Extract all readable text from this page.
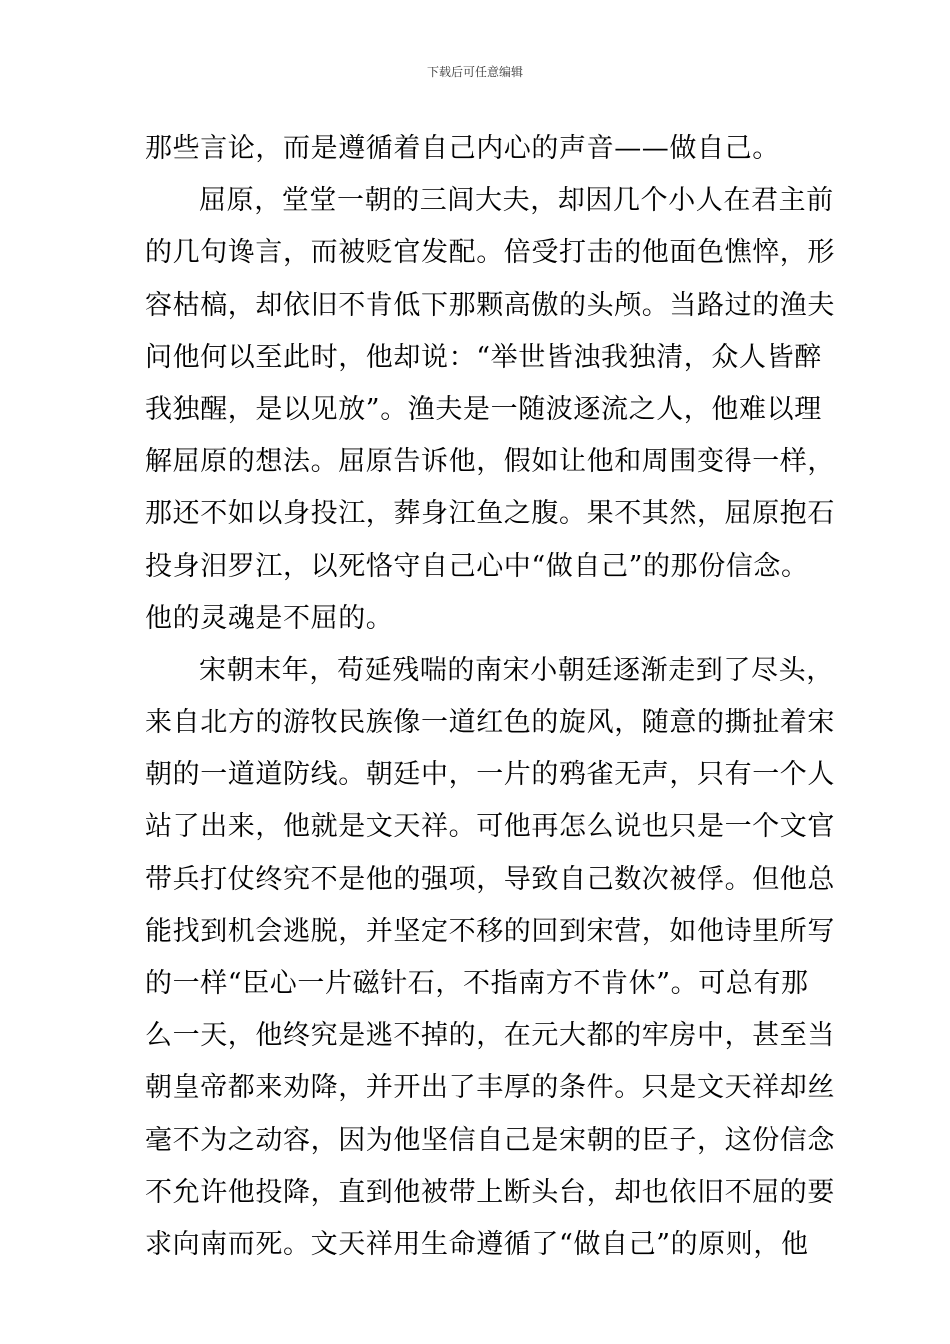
下载后可任意编辑
那些言论，而是遵循着自己内心的声音——做自己。
屈原，堂堂一朝的三闾大夫，却因几个小人在君主前
的几句谗言，而被贬官发配。倍受打击的他面色憔悴，形
容枯槁，却依旧不肯低下那颗高傲的头颅。当路过的渔夫
问他何以至此时，他却说：“举世皆浊我独清，众人皆醉
我独醒，是以见放”。渔夫是一随波逐流之人，他难以理
解屈原的想法。屈原告诉他，假如让他和周围变得一样，
那还不如以身投江，葬身江鱼之腹。果不其然，屈原抱石
投身汨罗江，以死恪守自己心中“做自己”的那份信念。
他的灵魂是不屈的。
宋朝末年，苟延残喘的南宋小朝廷逐渐走到了尽头，
来自北方的游牧民族像一道红色的旋风，随意的撕扯着宋
朝的一道道防线。朝廷中，一片的鸦雀无声，只有一个人
站了出来，他就是文天祥。可他再怎么说也只是一个文官
带兵打仗终究不是他的强项，导致自己数次被俘。但他总
能找到机会逃脱，并坚定不移的回到宋营，如他诗里所写
的一样“臣心一片磁针石，不指南方不肯休”。可总有那
么一天，他终究是逃不掉的，在元大都的牢房中，甚至当
朝皇帝都来劝降，并开出了丰厚的条件。只是文天祥却丝
毫不为之动容，因为他坚信自己是宋朝的臣子，这份信念
不允许他投降，直到他被带上断头台，却也依旧不屈的要
求向南而死。文天祥用生命遵循了“做自己”的原则，他
